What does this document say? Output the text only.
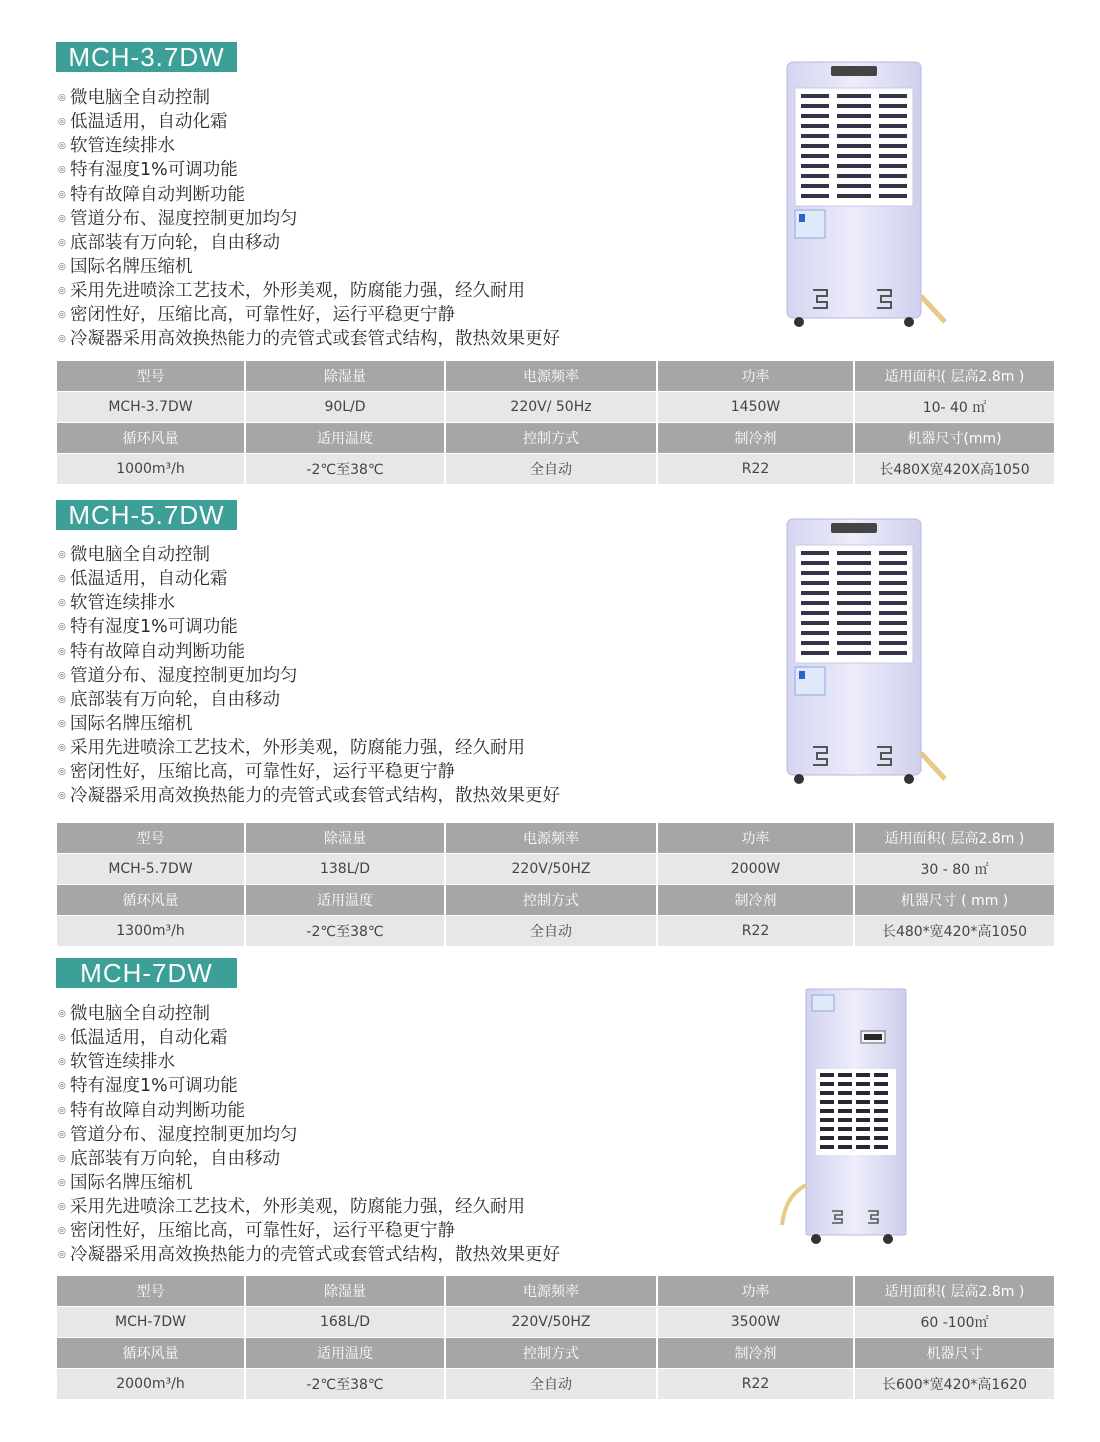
MCH-3.7DW
◎ 微电脑全自动控制
◎ 低温适用，自动化霜
◎ 软管连续排水
◎ 特有湿度1%可调功能
◎ 特有故障自动判断功能
◎ 管道分布、湿度控制更加均匀
◎ 底部装有万向轮，自由移动
◎ 国际名牌压缩机
◎ 采用先进喷涂工艺技术，外形美观，防腐能力强，经久耐用
◎ 密闭性好，压缩比高，可靠性好，运行平稳更宁静
◎ 冷凝器采用高效换热能力的壳管式或套管式结构，散热效果更好
型号	除湿量	电源频率	功率	适用面积( 层高2.8m )
MCH-3.7DW	90L/D	220V/ 50Hz	1450W	10- 40 ㎡
循环风量	适用温度	控制方式	制冷剂	机器尺寸(mm)
1000m³/h	-2℃至38℃	全自动	R22	长480X宽420X高1050
MCH-5.7DW
◎ 微电脑全自动控制
◎ 低温适用，自动化霜
◎ 软管连续排水
◎ 特有湿度1%可调功能
◎ 特有故障自动判断功能
◎ 管道分布、湿度控制更加均匀
◎ 底部装有万向轮，自由移动
◎ 国际名牌压缩机
◎ 采用先进喷涂工艺技术，外形美观，防腐能力强，经久耐用
◎ 密闭性好，压缩比高，可靠性好，运行平稳更宁静
◎ 冷凝器采用高效换热能力的壳管式或套管式结构，散热效果更好
型号	除湿量	电源频率	功率	适用面积( 层高2.8m )
MCH-5.7DW	138L/D	220V/50HZ	2000W	30 - 80 ㎡
循环风量	适用温度	控制方式	制冷剂	机器尺寸 ( mm )
1300m³/h	-2℃至38℃	全自动	R22	长480*宽420*高1050
MCH-7DW
◎ 微电脑全自动控制
◎ 低温适用，自动化霜
◎ 软管连续排水
◎ 特有湿度1%可调功能
◎ 特有故障自动判断功能
◎ 管道分布、湿度控制更加均匀
◎ 底部装有万向轮，自由移动
◎ 国际名牌压缩机
◎ 采用先进喷涂工艺技术，外形美观，防腐能力强，经久耐用
◎ 密闭性好，压缩比高，可靠性好，运行平稳更宁静
◎ 冷凝器采用高效换热能力的壳管式或套管式结构，散热效果更好
型号	除湿量	电源频率	功率	适用面积( 层高2.8m )
MCH-7DW	168L/D	220V/50HZ	3500W	60 -100㎡
循环风量	适用温度	控制方式	制冷剂	机器尺寸
2000m³/h	-2℃至38℃	全自动	R22	长600*宽420*高1620
